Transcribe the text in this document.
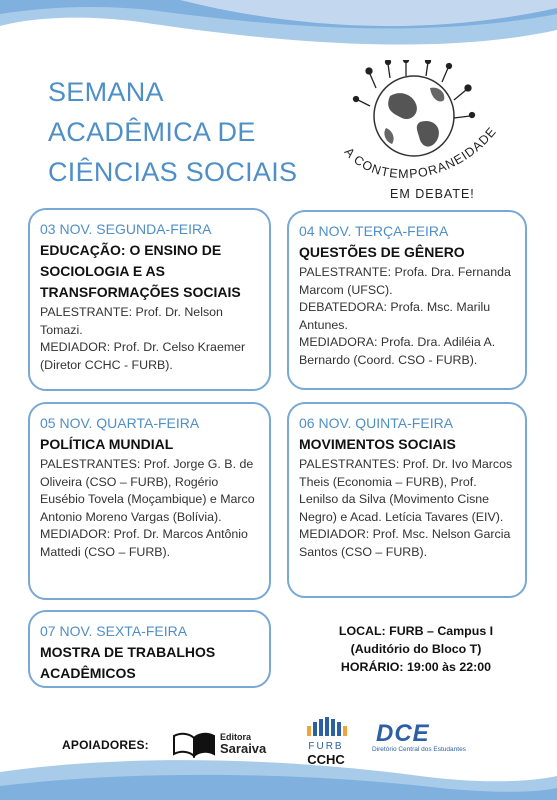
SEMANA
ACADÊMICA DE
CIÊNCIAS SOCIAIS
A CONTEMPORANEIDADE
EM DEBATE!
03 NOV. SEGUNDA-FEIRA
EDUCAÇÃO: O ENSINO DE SOCIOLOGIA E AS TRANSFORMAÇÕES SOCIAIS

PALESTRANTE: Prof. Dr. Nelson Tomazi.

MEDIADOR: Prof. Dr. Celso Kraemer (Diretor CCHC - FURB).

04 NOV. TERÇA-FEIRA
QUESTÕES DE GÊNERO

PALESTRANTE: Profa. Dra. Fernanda Marcom (UFSC).

DEBATEDORA: Profa. Msc. Marilu Antunes.

MEDIADORA: Profa. Dra. Adiléia A. Bernardo (Coord. CSO - FURB).

05 NOV. QUARTA-FEIRA
POLÍTICA MUNDIAL

PALESTRANTES: Prof. Jorge G. B. de Oliveira (CSO – FURB), Rogério Eusébio Tovela (Moçambique) e Marco Antonio Moreno Vargas (Bolívia).

MEDIADOR: Prof. Dr. Marcos Antônio Mattedi (CSO – FURB).

06 NOV. QUINTA-FEIRA
MOVIMENTOS SOCIAIS

PALESTRANTES: Prof. Dr. Ivo Marcos Theis (Economia – FURB), Prof. Lenilso da Silva (Movimento Cisne Negro) e Acad. Letícia Tavares (EIV).

MEDIADOR: Prof. Msc. Nelson Garcia Santos (CSO – FURB).

07 NOV. SEXTA-FEIRA
MOSTRA DE TRABALHOS ACADÊMICOS
LOCAL: FURB – Campus I
(Auditório do Bloco T)
HORÁRIO: 19:00 às 22:00
APOIADORES:
Editora
Saraiva	FURB
CCHC
DCE
Diretório Central dos Estudantes
